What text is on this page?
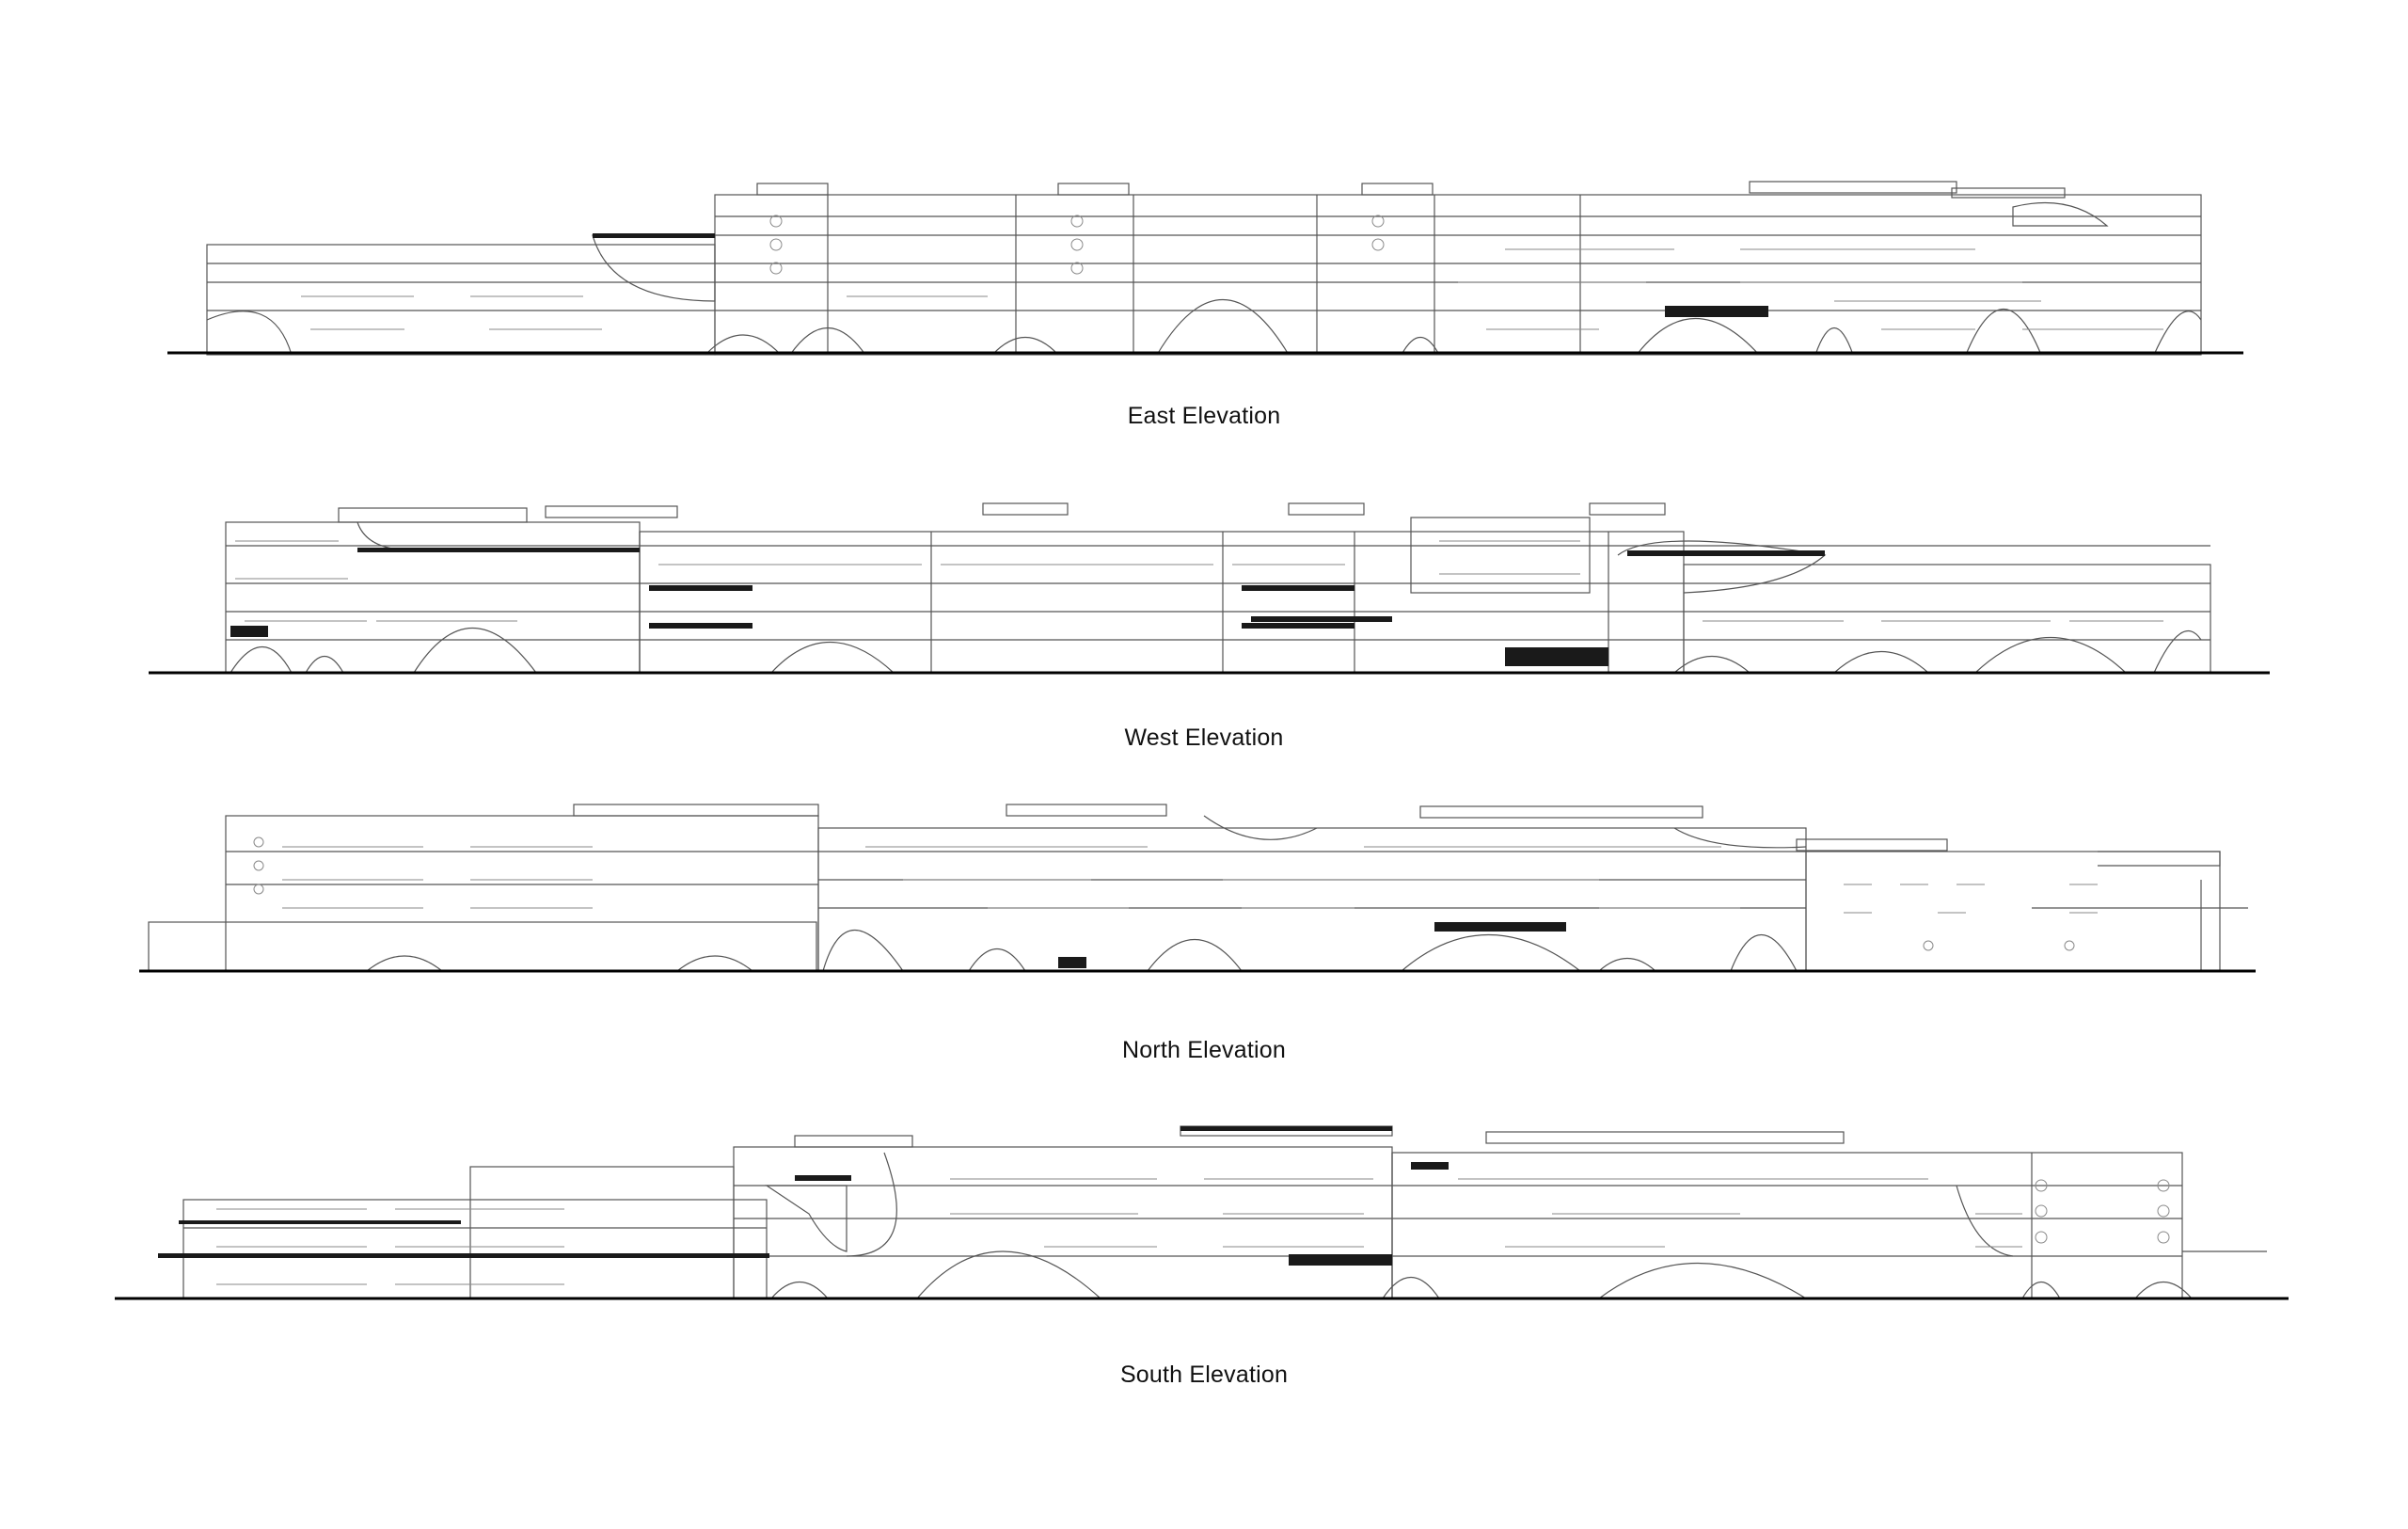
East Elevation
West Elevation
North Elevation
South Elevation
